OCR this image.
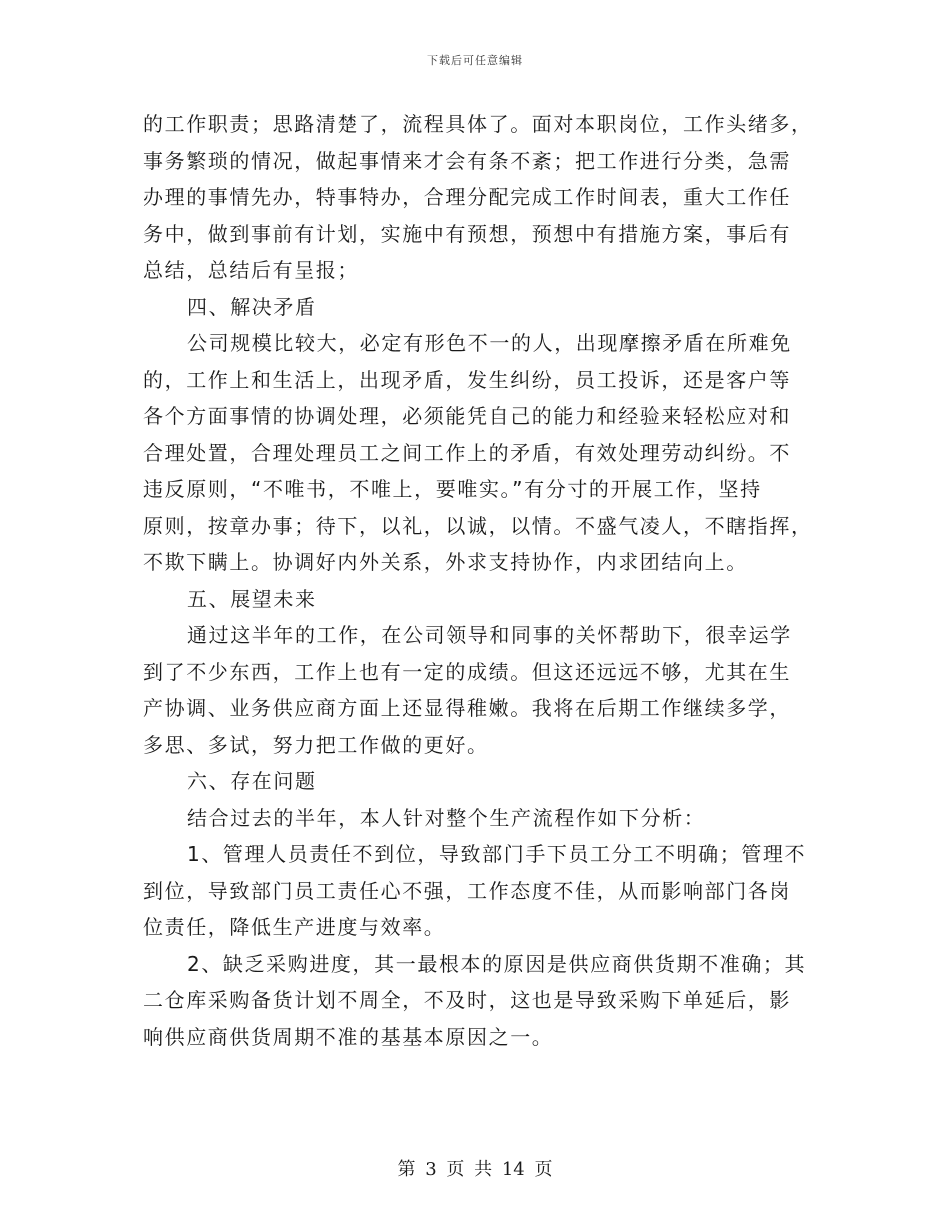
下载后可任意编辑
的工作职责；思路清楚了，流程具体了。面对本职岗位，工作头绪多，
事务繁琐的情况，做起事情来才会有条不紊；把工作进行分类，急需
办理的事情先办，特事特办，合理分配完成工作时间表，重大工作任
务中，做到事前有计划，实施中有预想，预想中有措施方案，事后有
总结，总结后有呈报；
四、解决矛盾
公司规模比较大，必定有形色不一的人，出现摩擦矛盾在所难免
的，工作上和生活上，出现矛盾，发生纠纷，员工投诉，还是客户等
各个方面事情的协调处理，必须能凭自己的能力和经验来轻松应对和
合理处置，合理处理员工之间工作上的矛盾，有效处理劳动纠纷。不
违反原则，“不唯书，不唯上，要唯实。”有分寸的开展工作，坚持
原则，按章办事；待下，以礼，以诚，以情。不盛气凌人，不瞎指挥，
不欺下瞒上。协调好内外关系，外求支持协作，内求团结向上。
五、展望未来
通过这半年的工作，在公司领导和同事的关怀帮助下，很幸运学
到了不少东西，工作上也有一定的成绩。但这还远远不够，尤其在生
产协调、业务供应商方面上还显得稚嫩。我将在后期工作继续多学，
多思、多试，努力把工作做的更好。
六、存在问题
结合过去的半年，本人针对整个生产流程作如下分析：
1、管理人员责任不到位，导致部门手下员工分工不明确；管理不
到位，导致部门员工责任心不强，工作态度不佳，从而影响部门各岗
位责任，降低生产进度与效率。
2、缺乏采购进度，其一最根本的原因是供应商供货期不准确；其
二仓库采购备货计划不周全，不及时，这也是导致采购下单延后，影
响供应商供货周期不准的基基本原因之一。
第 3 页 共 14 页
